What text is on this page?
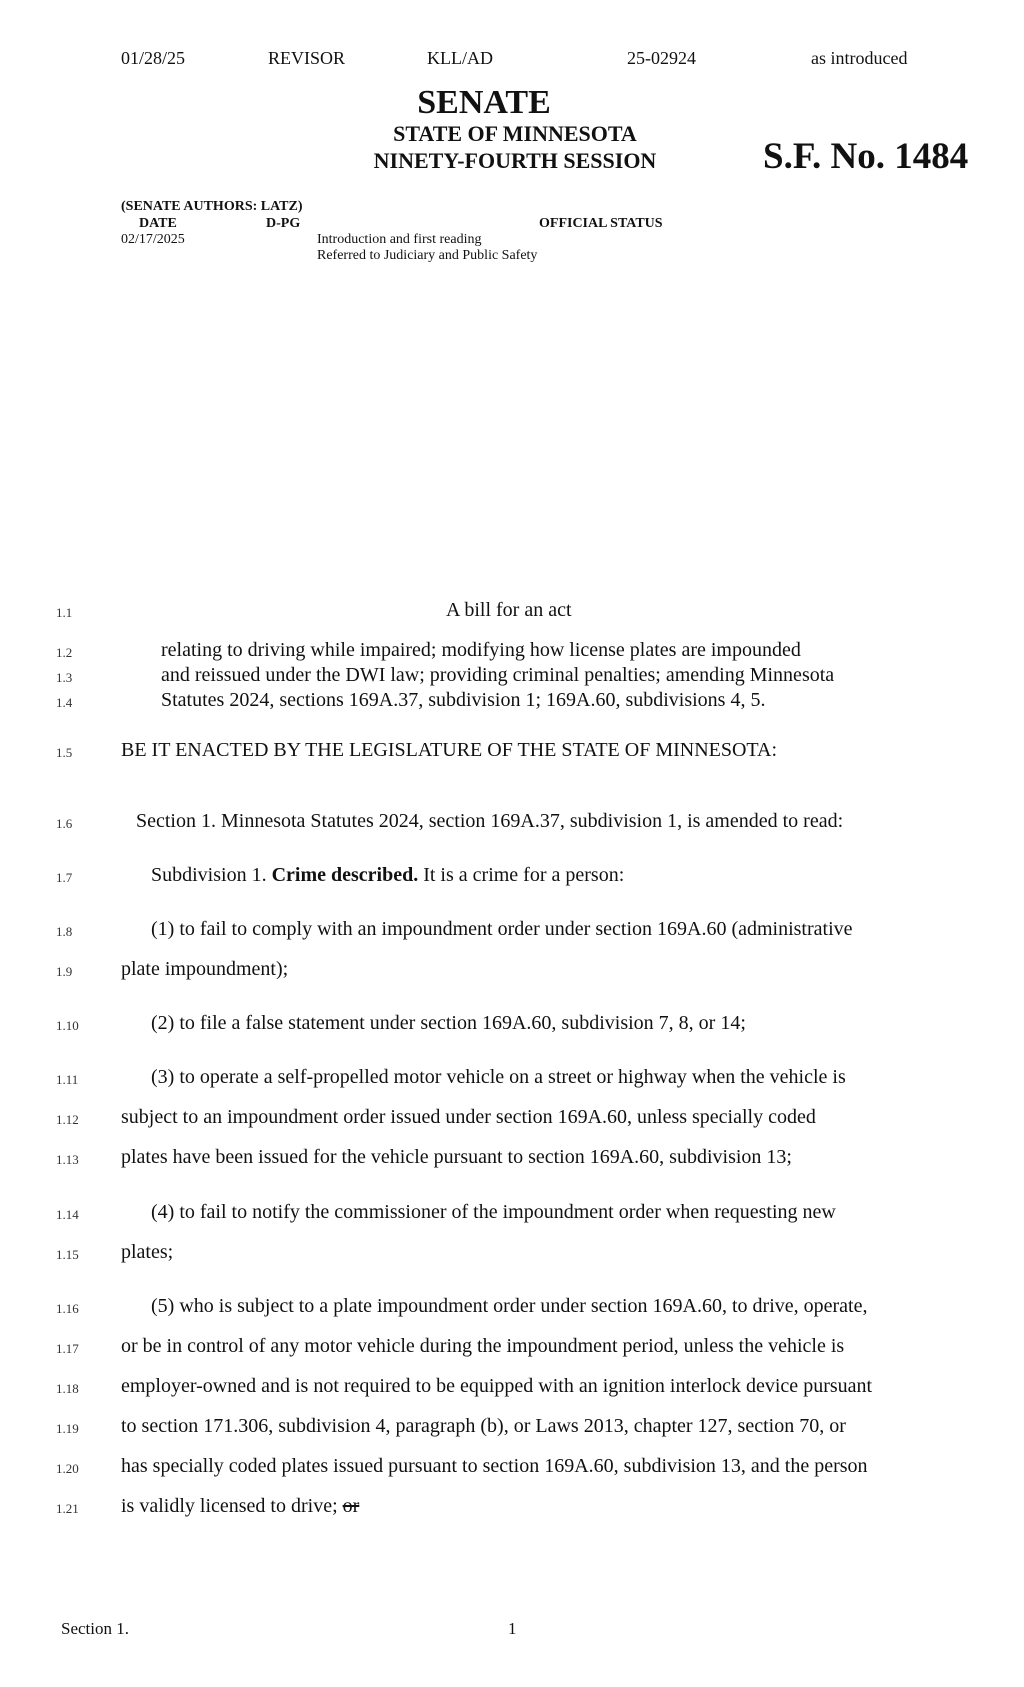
01/28/25	REVISOR	KLL/AD	25-02924	as introduced
SENATE
STATE OF MINNESOTA
NINETY-FOURTH SESSION	S.F. No. 1484
(SENATE AUTHORS: LATZ)
DATE	D-PG	OFFICIAL STATUS
02/17/2025	Introduction and first reading
Referred to Judiciary and Public Safety
1.1	A bill for an act
1.2	relating to driving while impaired; modifying how license plates are impounded
1.3	and reissued under the DWI law; providing criminal penalties; amending Minnesota
1.4	Statutes 2024, sections 169A.37, subdivision 1; 169A.60, subdivisions 4, 5.
1.5 BE IT ENACTED BY THE LEGISLATURE OF THE STATE OF MINNESOTA:
1.6	Section 1. Minnesota Statutes 2024, section 169A.37, subdivision 1, is amended to read:
1.7	Subdivision 1. Crime described. It is a crime for a person:
1.8	(1) to fail to comply with an impoundment order under section 169A.60 (administrative
1.9 plate impoundment);
1.10	(2) to file a false statement under section 169A.60, subdivision 7, 8, or 14;
1.11	(3) to operate a self-propelled motor vehicle on a street or highway when the vehicle is
1.12 subject to an impoundment order issued under section 169A.60, unless specially coded
1.13 plates have been issued for the vehicle pursuant to section 169A.60, subdivision 13;
1.14	(4) to fail to notify the commissioner of the impoundment order when requesting new
1.15 plates;
1.16	(5) who is subject to a plate impoundment order under section 169A.60, to drive, operate,
1.17 or be in control of any motor vehicle during the impoundment period, unless the vehicle is
1.18 employer-owned and is not required to be equipped with an ignition interlock device pursuant
1.19 to section 171.306, subdivision 4, paragraph (b), or Laws 2013, chapter 127, section 70, or
1.20 has specially coded plates issued pursuant to section 169A.60, subdivision 13, and the person
1.21 is validly licensed to drive; or
Section 1.	1
